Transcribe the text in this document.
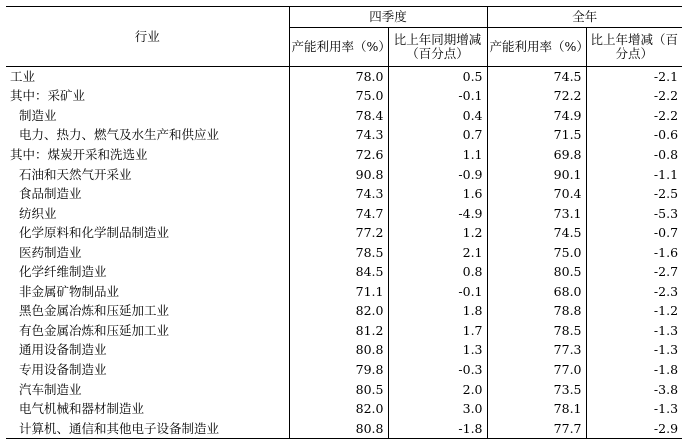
行业	四季度		全年	
	产能利用率（%）	比上年同期增减（百分点）	产能利用率（%）	比上年增减（百分点）
工业	78.0	0.5	74.5	-2.1
其中：采矿业	75.0	-0.1	72.2	-2.2
制造业	78.4	0.4	74.9	-2.2
电力、热力、燃气及水生产和供应业	74.3	0.7	71.5	-0.6
其中：煤炭开采和洗选业	72.6	1.1	69.8	-0.8
石油和天然气开采业	90.8	-0.9	90.1	-1.1
食品制造业	74.3	1.6	70.4	-2.5
纺织业	74.7	-4.9	73.1	-5.3
化学原料和化学制品制造业	77.2	1.2	74.5	-0.7
医药制造业	78.5	2.1	75.0	-1.6
化学纤维制造业	84.5	0.8	80.5	-2.7
非金属矿物制品业	71.1	-0.1	68.0	-2.3
黑色金属冶炼和压延加工业	82.0	1.8	78.8	-1.2
有色金属冶炼和压延加工业	81.2	1.7	78.5	-1.3
通用设备制造业	80.8	1.3	77.3	-1.3
专用设备制造业	79.8	-0.3	77.0	-1.8
汽车制造业	80.5	2.0	73.5	-3.8
电气机械和器材制造业	82.0	3.0	78.1	-1.3
计算机、通信和其他电子设备制造业	80.8	-1.8	77.7	-2.9
